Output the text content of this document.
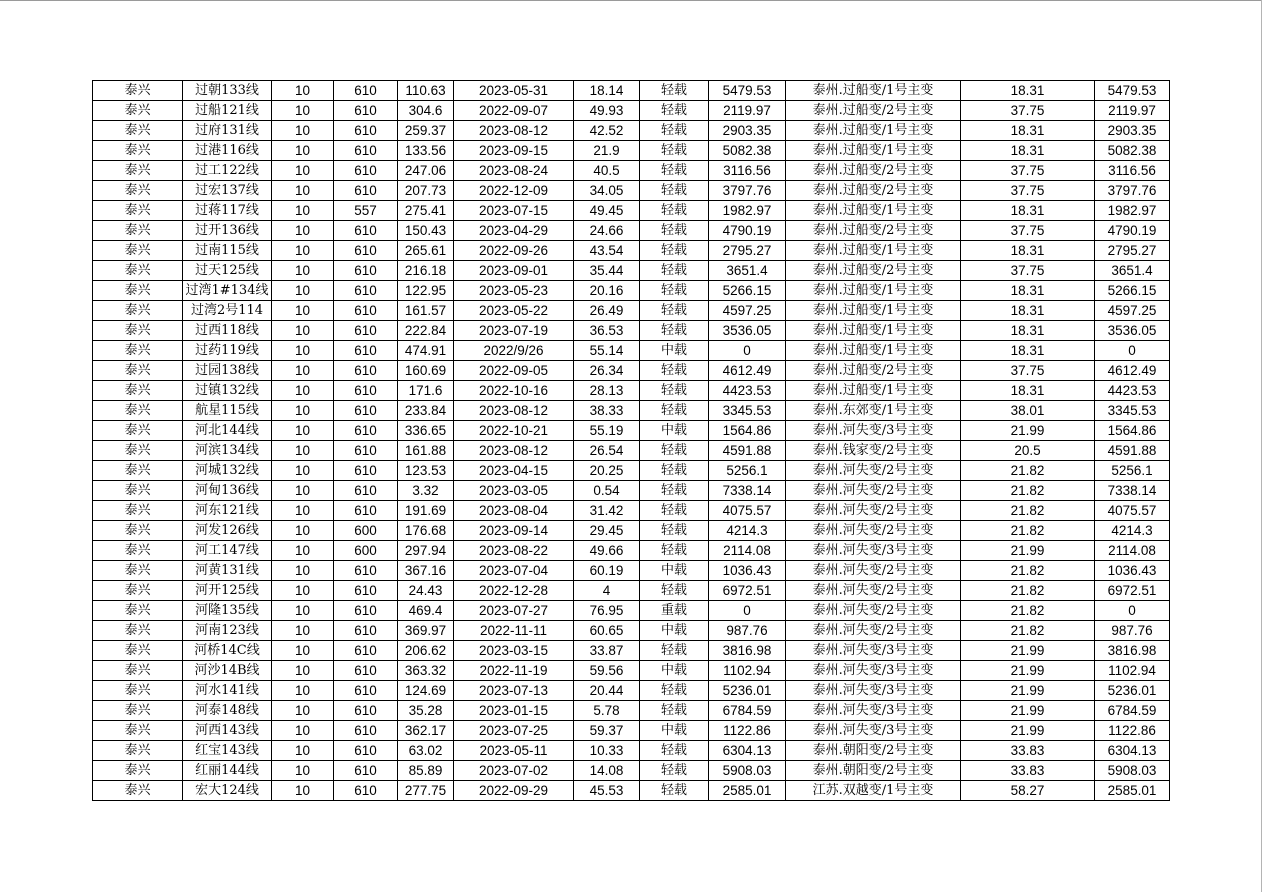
泰兴	过朝133线	10	610	110.63	2023-05-31	18.14	轻载	5479.53	泰州.过船变/1号主变	18.31	5479.53
泰兴	过船121线	10	610	304.6	2022-09-07	49.93	轻载	2119.97	泰州.过船变/2号主变	37.75	2119.97
泰兴	过府131线	10	610	259.37	2023-08-12	42.52	轻载	2903.35	泰州.过船变/1号主变	18.31	2903.35
泰兴	过港116线	10	610	133.56	2023-09-15	21.9	轻载	5082.38	泰州.过船变/1号主变	18.31	5082.38
泰兴	过工122线	10	610	247.06	2023-08-24	40.5	轻载	3116.56	泰州.过船变/2号主变	37.75	3116.56
泰兴	过宏137线	10	610	207.73	2022-12-09	34.05	轻载	3797.76	泰州.过船变/2号主变	37.75	3797.76
泰兴	过蒋117线	10	557	275.41	2023-07-15	49.45	轻载	1982.97	泰州.过船变/1号主变	18.31	1982.97
泰兴	过开136线	10	610	150.43	2023-04-29	24.66	轻载	4790.19	泰州.过船变/2号主变	37.75	4790.19
泰兴	过南115线	10	610	265.61	2022-09-26	43.54	轻载	2795.27	泰州.过船变/1号主变	18.31	2795.27
泰兴	过天125线	10	610	216.18	2023-09-01	35.44	轻载	3651.4	泰州.过船变/2号主变	37.75	3651.4
泰兴	过湾1#134线	10	610	122.95	2023-05-23	20.16	轻载	5266.15	泰州.过船变/1号主变	18.31	5266.15
泰兴	过湾2号114	10	610	161.57	2023-05-22	26.49	轻载	4597.25	泰州.过船变/1号主变	18.31	4597.25
泰兴	过西118线	10	610	222.84	2023-07-19	36.53	轻载	3536.05	泰州.过船变/1号主变	18.31	3536.05
泰兴	过药119线	10	610	474.91	2022/9/26	55.14	中载	0	泰州.过船变/1号主变	18.31	0
泰兴	过园138线	10	610	160.69	2022-09-05	26.34	轻载	4612.49	泰州.过船变/2号主变	37.75	4612.49
泰兴	过镇132线	10	610	171.6	2022-10-16	28.13	轻载	4423.53	泰州.过船变/1号主变	18.31	4423.53
泰兴	航星115线	10	610	233.84	2023-08-12	38.33	轻载	3345.53	泰州.东郊变/1号主变	38.01	3345.53
泰兴	河北144线	10	610	336.65	2022-10-21	55.19	中载	1564.86	泰州.河失变/3号主变	21.99	1564.86
泰兴	河滨134线	10	610	161.88	2023-08-12	26.54	轻载	4591.88	泰州.钱家变/2号主变	20.5	4591.88
泰兴	河城132线	10	610	123.53	2023-04-15	20.25	轻载	5256.1	泰州.河失变/2号主变	21.82	5256.1
泰兴	河甸136线	10	610	3.32	2023-03-05	0.54	轻载	7338.14	泰州.河失变/2号主变	21.82	7338.14
泰兴	河东121线	10	610	191.69	2023-08-04	31.42	轻载	4075.57	泰州.河失变/2号主变	21.82	4075.57
泰兴	河发126线	10	600	176.68	2023-09-14	29.45	轻载	4214.3	泰州.河失变/2号主变	21.82	4214.3
泰兴	河工147线	10	600	297.94	2023-08-22	49.66	轻载	2114.08	泰州.河失变/3号主变	21.99	2114.08
泰兴	河黄131线	10	610	367.16	2023-07-04	60.19	中载	1036.43	泰州.河失变/2号主变	21.82	1036.43
泰兴	河开125线	10	610	24.43	2022-12-28	4	轻载	6972.51	泰州.河失变/2号主变	21.82	6972.51
泰兴	河隆135线	10	610	469.4	2023-07-27	76.95	重载	0	泰州.河失变/2号主变	21.82	0
泰兴	河南123线	10	610	369.97	2022-11-11	60.65	中载	987.76	泰州.河失变/2号主变	21.82	987.76
泰兴	河桥14C线	10	610	206.62	2023-03-15	33.87	轻载	3816.98	泰州.河失变/3号主变	21.99	3816.98
泰兴	河沙14B线	10	610	363.32	2022-11-19	59.56	中载	1102.94	泰州.河失变/3号主变	21.99	1102.94
泰兴	河水141线	10	610	124.69	2023-07-13	20.44	轻载	5236.01	泰州.河失变/3号主变	21.99	5236.01
泰兴	河泰148线	10	610	35.28	2023-01-15	5.78	轻载	6784.59	泰州.河失变/3号主变	21.99	6784.59
泰兴	河西143线	10	610	362.17	2023-07-25	59.37	中载	1122.86	泰州.河失变/3号主变	21.99	1122.86
泰兴	红宝143线	10	610	63.02	2023-05-11	10.33	轻载	6304.13	泰州.朝阳变/2号主变	33.83	6304.13
泰兴	红丽144线	10	610	85.89	2023-07-02	14.08	轻载	5908.03	泰州.朝阳变/2号主变	33.83	5908.03
泰兴	宏大124线	10	610	277.75	2022-09-29	45.53	轻载	2585.01	江苏.双越变/1号主变	58.27	2585.01
